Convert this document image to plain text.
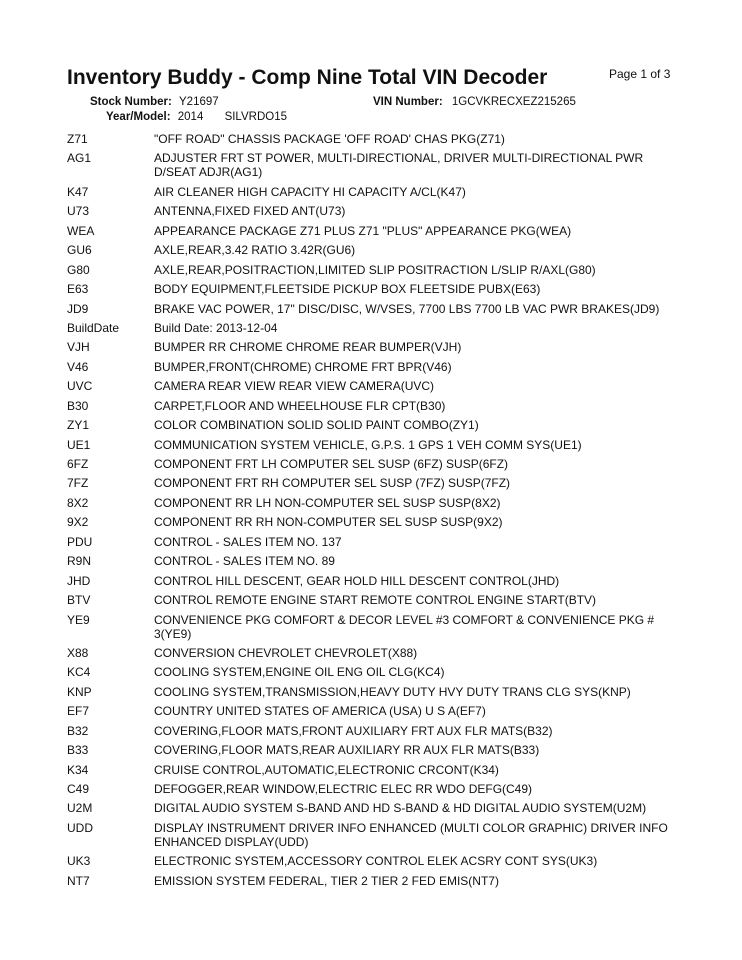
Inventory Buddy - Comp Nine Total VIN Decoder	Page 1 of 3
Stock Number: Y21697	VIN Number: 1GCVKRECXEZ215265
Year/Model: 2014 SILVRDO15
Z71	"OFF ROAD" CHASSIS PACKAGE 'OFF ROAD' CHAS PKG(Z71)
AG1	ADJUSTER FRT ST POWER, MULTI-DIRECTIONAL, DRIVER MULTI-DIRECTIONAL PWR D/SEAT ADJR(AG1)
K47	AIR CLEANER HIGH CAPACITY HI CAPACITY A/CL(K47)
U73	ANTENNA,FIXED FIXED ANT(U73)
WEA	APPEARANCE PACKAGE Z71 PLUS Z71 "PLUS" APPEARANCE PKG(WEA)
GU6	AXLE,REAR,3.42 RATIO 3.42R(GU6)
G80	AXLE,REAR,POSITRACTION,LIMITED SLIP POSITRACTION L/SLIP R/AXL(G80)
E63	BODY EQUIPMENT,FLEETSIDE PICKUP BOX FLEETSIDE PUBX(E63)
JD9	BRAKE VAC POWER, 17" DISC/DISC, W/VSES, 7700 LBS 7700 LB VAC PWR BRAKES(JD9)
BuildDate	Build Date: 2013-12-04
VJH	BUMPER RR CHROME CHROME REAR BUMPER(VJH)
V46	BUMPER,FRONT(CHROME) CHROME FRT BPR(V46)
UVC	CAMERA REAR VIEW REAR VIEW CAMERA(UVC)
B30	CARPET,FLOOR AND WHEELHOUSE FLR CPT(B30)
ZY1	COLOR COMBINATION SOLID SOLID PAINT COMBO(ZY1)
UE1	COMMUNICATION SYSTEM VEHICLE, G.P.S. 1 GPS 1 VEH COMM SYS(UE1)
6FZ	COMPONENT FRT LH COMPUTER SEL SUSP (6FZ) SUSP(6FZ)
7FZ	COMPONENT FRT RH COMPUTER SEL SUSP (7FZ) SUSP(7FZ)
8X2	COMPONENT RR LH NON-COMPUTER SEL SUSP SUSP(8X2)
9X2	COMPONENT RR RH NON-COMPUTER SEL SUSP SUSP(9X2)
PDU	CONTROL - SALES ITEM NO. 137
R9N	CONTROL - SALES ITEM NO. 89
JHD	CONTROL HILL DESCENT, GEAR HOLD HILL DESCENT CONTROL(JHD)
BTV	CONTROL REMOTE ENGINE START REMOTE CONTROL ENGINE START(BTV)
YE9	CONVENIENCE PKG COMFORT & DECOR LEVEL #3 COMFORT & CONVENIENCE PKG # 3(YE9)
X88	CONVERSION CHEVROLET CHEVROLET(X88)
KC4	COOLING SYSTEM,ENGINE OIL ENG OIL CLG(KC4)
KNP	COOLING SYSTEM,TRANSMISSION,HEAVY DUTY HVY DUTY TRANS CLG SYS(KNP)
EF7	COUNTRY UNITED STATES OF AMERICA (USA) U S A(EF7)
B32	COVERING,FLOOR MATS,FRONT AUXILIARY FRT AUX FLR MATS(B32)
B33	COVERING,FLOOR MATS,REAR AUXILIARY RR AUX FLR MATS(B33)
K34	CRUISE CONTROL,AUTOMATIC,ELECTRONIC CRCONT(K34)
C49	DEFOGGER,REAR WINDOW,ELECTRIC ELEC RR WDO DEFG(C49)
U2M	DIGITAL AUDIO SYSTEM S-BAND AND HD S-BAND & HD DIGITAL AUDIO SYSTEM(U2M)
UDD	DISPLAY INSTRUMENT DRIVER INFO ENHANCED (MULTI COLOR GRAPHIC) DRIVER INFO ENHANCED DISPLAY(UDD)
UK3	ELECTRONIC SYSTEM,ACCESSORY CONTROL ELEK ACSRY CONT SYS(UK3)
NT7	EMISSION SYSTEM FEDERAL, TIER 2 TIER 2 FED EMIS(NT7)
